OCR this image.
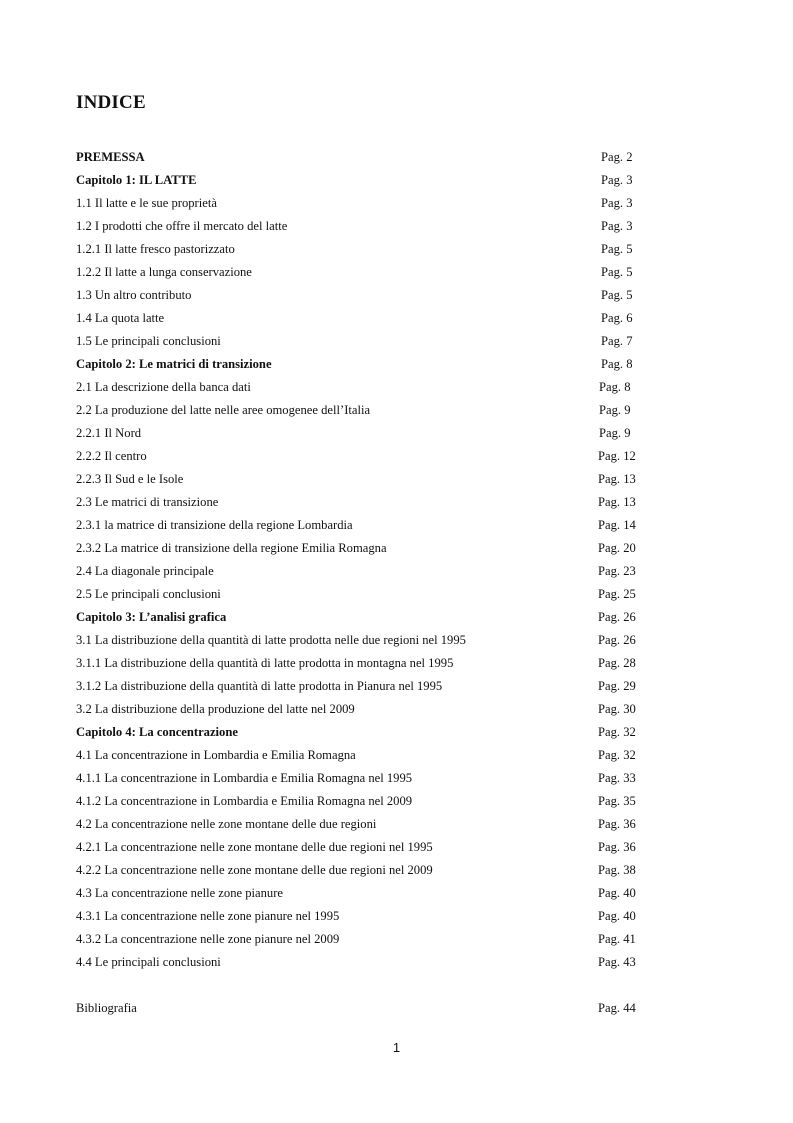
INDICE
PREMESSA	Pag. 2
Capitolo 1: IL LATTE	Pag. 3
1.1 Il latte e le sue proprietà	Pag. 3
1.2 I prodotti che offre il mercato del latte	Pag. 3
1.2.1 Il latte fresco pastorizzato	Pag. 5
1.2.2 Il latte a lunga conservazione	Pag. 5
1.3 Un altro contributo	Pag. 5
1.4 La quota latte	Pag. 6
1.5 Le principali conclusioni	Pag. 7
Capitolo 2: Le matrici di transizione	Pag. 8
2.1 La descrizione della banca dati	Pag. 8
2.2 La produzione del latte nelle aree omogenee dell’Italia	Pag. 9
2.2.1 Il Nord	Pag. 9
2.2.2 Il centro	Pag. 12
2.2.3 Il Sud e le Isole	Pag. 13
2.3 Le matrici di transizione	Pag. 13
2.3.1 la matrice di transizione della regione Lombardia	Pag. 14
2.3.2 La matrice di transizione della regione Emilia Romagna	Pag. 20
2.4 La diagonale principale	Pag. 23
2.5 Le principali conclusioni	Pag. 25
Capitolo 3: L’analisi grafica	Pag. 26
3.1 La distribuzione della quantità di latte prodotta nelle due regioni nel 1995	Pag. 26
3.1.1 La distribuzione della quantità di latte prodotta in montagna nel 1995	Pag. 28
3.1.2 La distribuzione della quantità di latte prodotta in Pianura nel 1995	Pag. 29
3.2 La distribuzione della produzione del latte nel 2009	Pag. 30
Capitolo 4: La concentrazione	Pag. 32
4.1 La concentrazione in Lombardia e Emilia Romagna	Pag. 32
4.1.1 La concentrazione in Lombardia e Emilia Romagna nel 1995	Pag. 33
4.1.2 La concentrazione in Lombardia e Emilia Romagna nel 2009	Pag. 35
4.2 La concentrazione nelle zone montane delle due regioni	Pag. 36
4.2.1 La concentrazione nelle zone montane delle due regioni nel 1995	Pag. 36
4.2.2 La concentrazione nelle zone montane delle due regioni nel 2009	Pag. 38
4.3 La concentrazione nelle zone pianure	Pag. 40
4.3.1 La concentrazione nelle zone pianure nel 1995	Pag. 40
4.3.2 La concentrazione nelle zone pianure nel 2009	Pag. 41
4.4 Le principali conclusioni	Pag. 43
Bibliografia	Pag. 44
1
